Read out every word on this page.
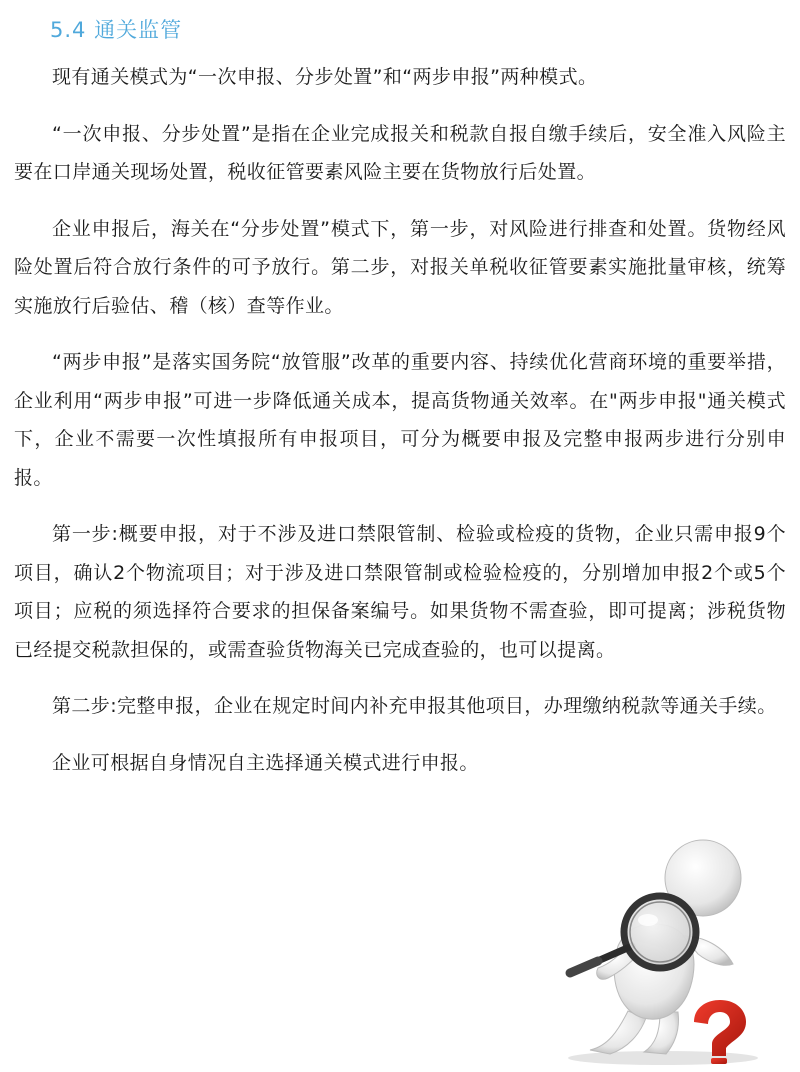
5.4 通关监管

现有通关模式为“一次申报、分步处置”和“两步申报”两种模式。

“一次申报、分步处置”是指在企业完成报关和税款自报自缴手续后，安全准入风险主要在口岸通关现场处置，税收征管要素风险主要在货物放行后处置。

企业申报后，海关在“分步处置”模式下，第一步，对风险进行排查和处置。货物经风险处置后符合放行条件的可予放行。第二步，对报关单税收征管要素实施批量审核，统筹实施放行后验估、稽（核）查等作业。

“两步申报”是落实国务院“放管服”改革的重要内容、持续优化营商环境的重要举措，企业利用“两步申报”可进一步降低通关成本，提高货物通关效率。在"两步申报"通关模式下，企业不需要一次性填报所有申报项目，可分为概要申报及完整申报两步进行分别申报。

第一步:概要申报，对于不涉及进口禁限管制、检验或检疫的货物，企业只需申报9个项目，确认2个物流项目；对于涉及进口禁限管制或检验检疫的，分别增加申报2个或5个项目；应税的须选择符合要求的担保备案编号。如果货物不需查验，即可提离；涉税货物已经提交税款担保的，或需查验货物海关已完成查验的，也可以提离。

第二步:完整申报，企业在规定时间内补充申报其他项目，办理缴纳税款等通关手续。

企业可根据自身情况自主选择通关模式进行申报。
